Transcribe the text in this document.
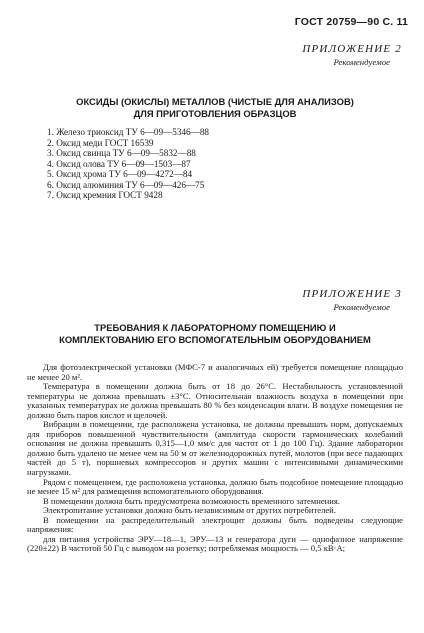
ГОСТ 20759—90 С. 11
ПРИЛОЖЕНИЕ 2
Рекомендуемое
ОКСИДЫ (ОКИСЛЫ) МЕТАЛЛОВ (ЧИСТЫЕ ДЛЯ АНАЛИЗОВ)
ДЛЯ ПРИГОТОВЛЕНИЯ ОБРАЗЦОВ
1. Железо триоксид ТУ 6—09—5346—88
2. Оксид меди ГОСТ 16539
3. Оксид свинца ТУ 6—09—5832—88
4. Оксид олова ТУ 6—09—1503—87
5. Оксид хрома ТУ 6—09—4272—84
6. Оксид алюминия ТУ 6—09—426—75
7. Оксид кремния ГОСТ 9428
ПРИЛОЖЕНИЕ 3
Рекомендуемое
ТРЕБОВАНИЯ К ЛАБОРАТОРНОМУ ПОМЕЩЕНИЮ И
КОМПЛЕКТОВАНИЮ ЕГО ВСПОМОГАТЕЛЬНЫМ ОБОРУДОВАНИЕМ

Для фотоэлектрической установки (МФС-7 и аналогичных ей) требуется помещение площадью не менее 20 м².

Температура в помещении должна быть от 18 до 26°С. Нестабильность установленной температуры не должна превышать ±3°С. Относительная влажность воздуха в помещении при указанных температурах не должна превышать 80 % без конденсации влаги. В воздухе помещения не должно быть паров кислот и щелочей.

Вибрации в помещении, где расположена установка, не должны превышать норм, допускаемых для приборов повышенной чувствительности (амплитуда скорости гармонических колебаний основания не должна превышать 0,315—1,0 мм/с для частот от 1 до 100 Гц). Здание лаборатории должно быть удалено не менее чем на 50 м от железнодорожных путей, молотов (при весе падающих частей до 5 т), поршневых компрессоров и других машин с интенсивными динамическими нагрузками.

Рядом с помещением, где расположена установка, должно быть подсобное помещение площадью не менее 15 м² для размещения вспомогательного оборудования.

В помещении должна быть предусмотрена возможность временного затемнения.

Электропитание установки должно быть независимым от других потребителей.

В помещении на распределительный электрощит должны быть подведены следующие напряжения:

для питания устройства ЭРУ—18—1, ЭРУ—13 и генератора дуги — однофазное напряжение (220±22) В частотой 50 Гц с выводом на розетку; потребляемая мощность — 0,5 кВ·А;
